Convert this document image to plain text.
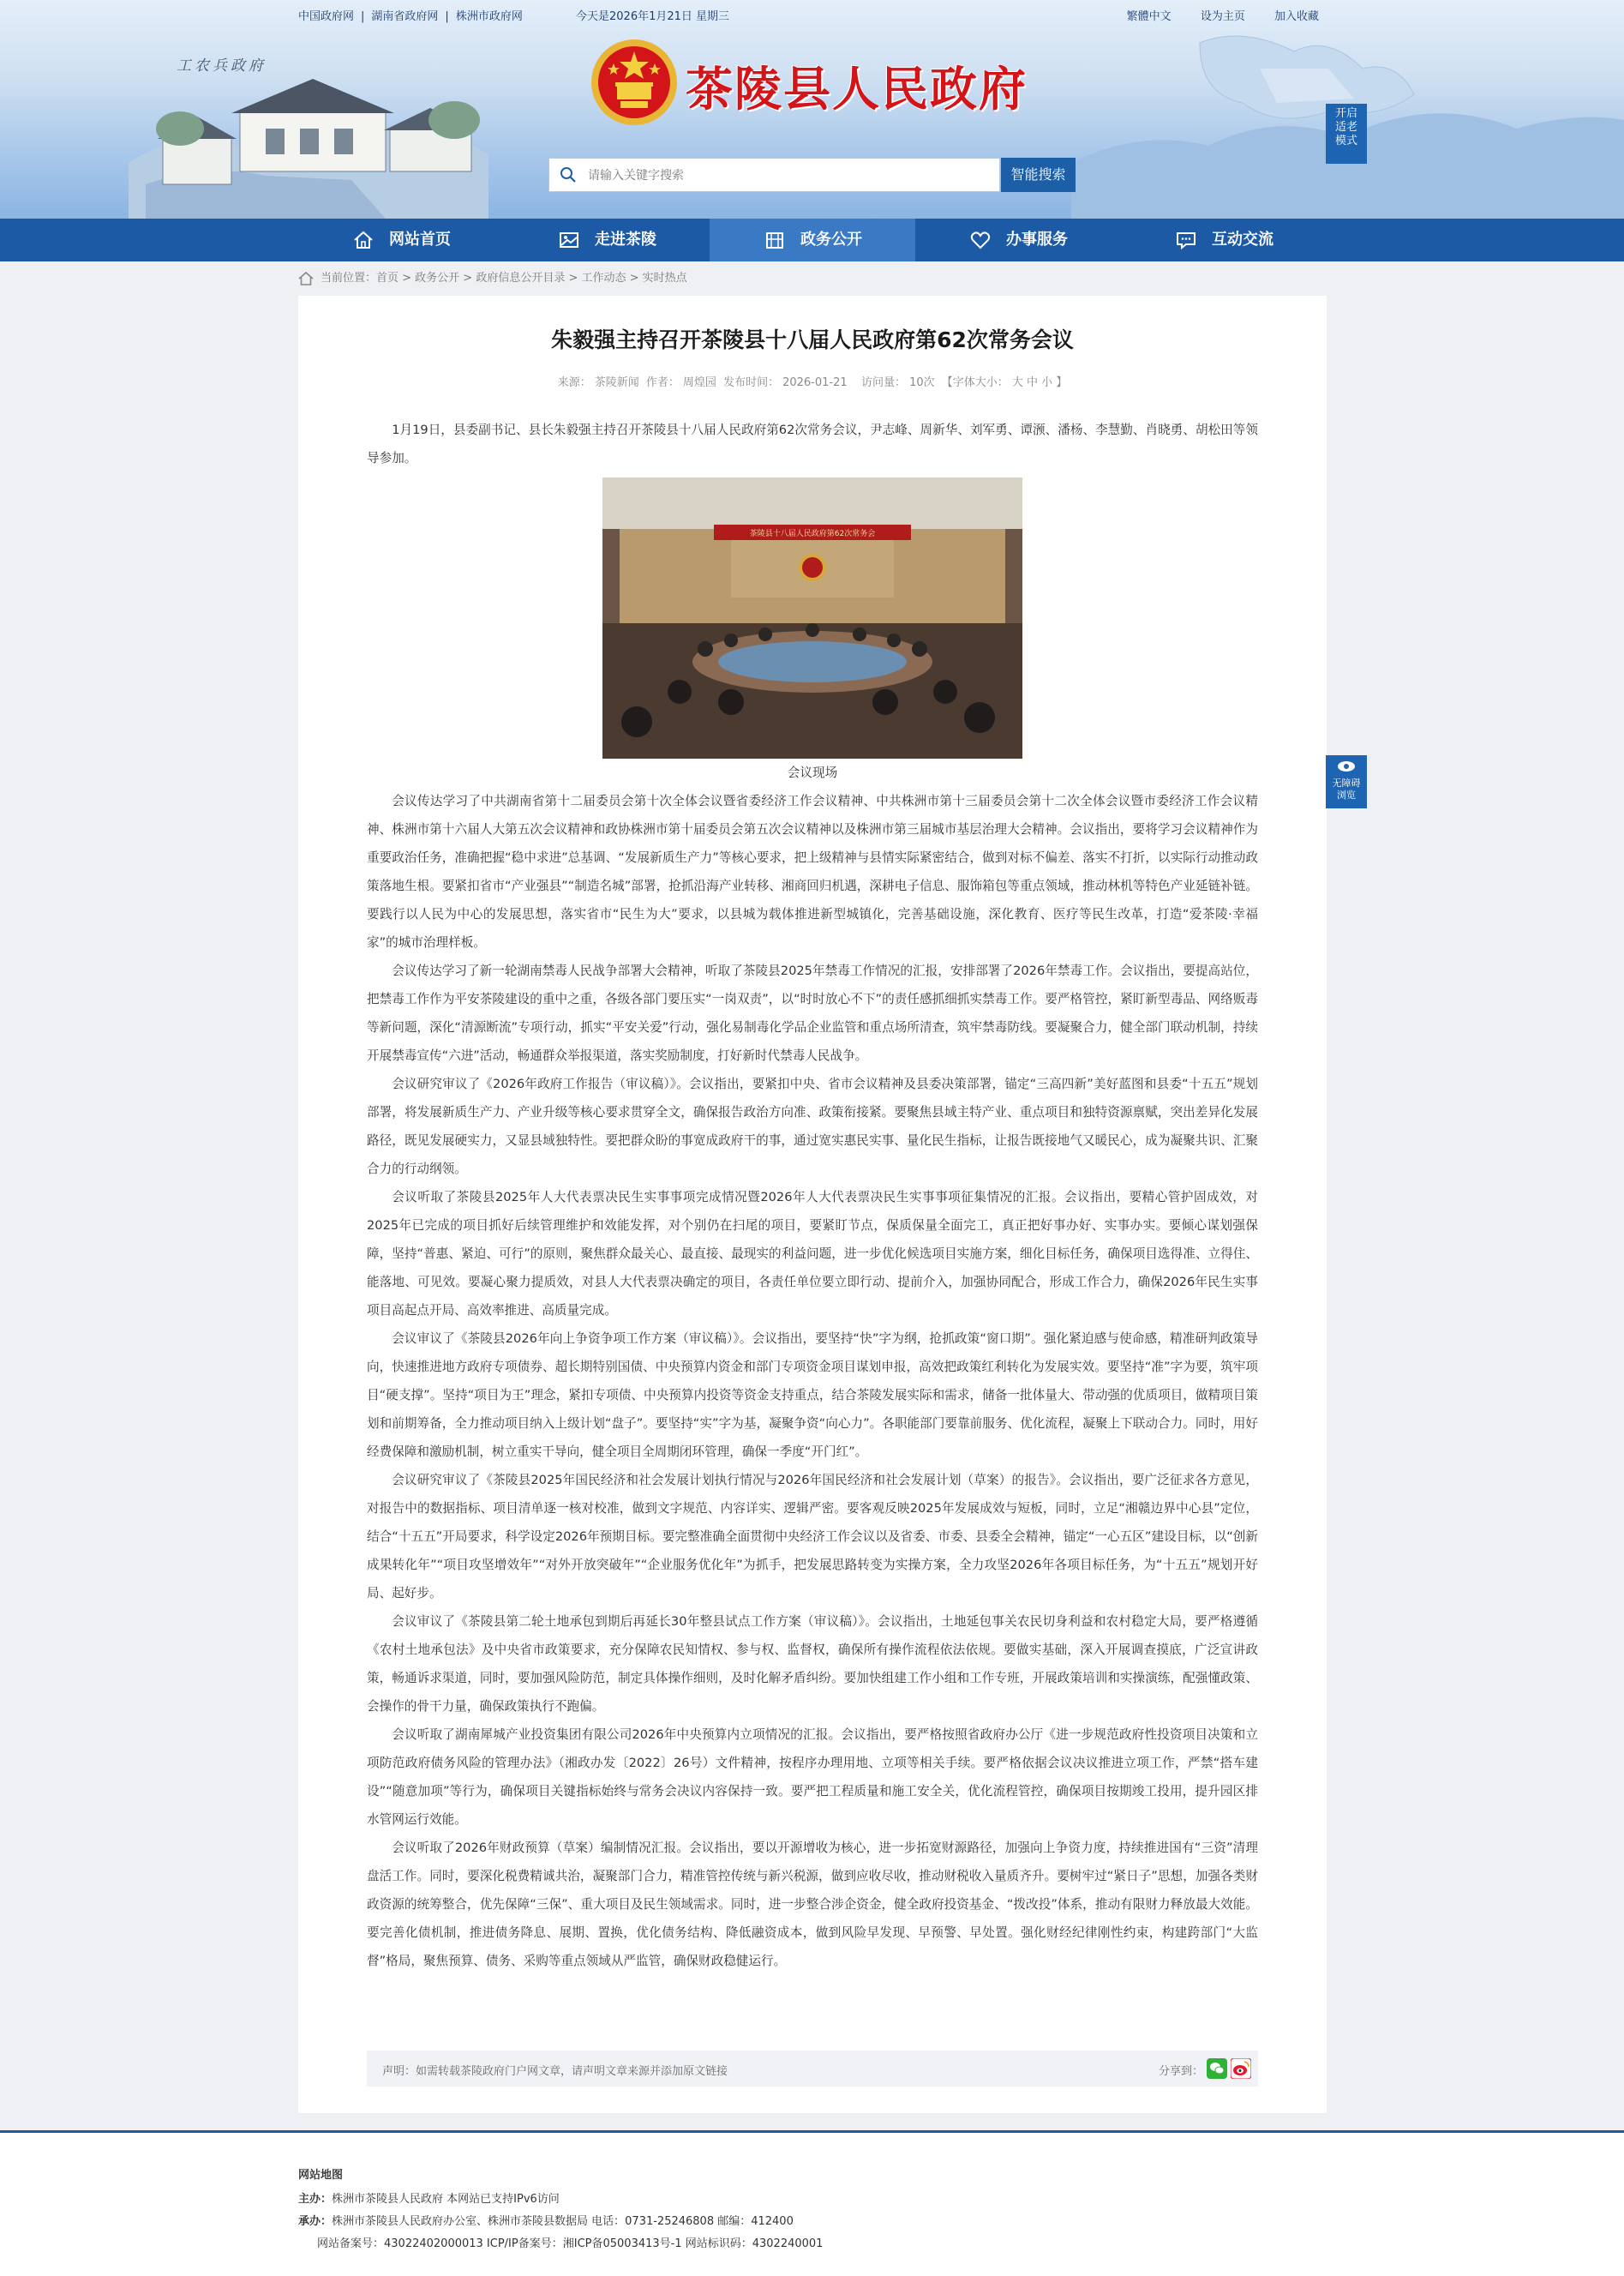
工农兵政府	茶陵县人民政府
中国政府网 | 湖南省政府网 | 株洲市政府网	今天是2026年1月21日 星期三	繁體中文	设为主页	加入收藏
请输入关键字搜索
智能搜索
开启适老模式
网站首页	走进茶陵	政务公开	办事服务	互动交流
当前位置：首页 > 政务公开 > 政府信息公开目录 > 工作动态 > 实时热点
朱毅强主持召开茶陵县十八届人民政府第62次常务会议
来源： 茶陵新闻 作者： 周煌园 发布时间： 2026-01-21 访问量： 10次 【字体大小： 大 中 小 】

1月19日，县委副书记、县长朱毅强主持召开茶陵县十八届人民政府第62次常务会议，尹志峰、周新华、刘军勇、谭滪、潘杨、李慧勤、肖晓勇、胡松田等领导参加。

茶陵县十八届人民政府第62次常务会

会议现场

会议传达学习了中共湖南省第十二届委员会第十次全体会议暨省委经济工作会议精神、中共株洲市第十三届委员会第十二次全体会议暨市委经济工作会议精神、株洲市第十六届人大第五次会议精神和政协株洲市第十届委员会第五次会议精神以及株洲市第三届城市基层治理大会精神。会议指出，要将学习会议精神作为重要政治任务，准确把握“稳中求进”总基调、“发展新质生产力”等核心要求，把上级精神与县情实际紧密结合，做到对标不偏差、落实不打折，以实际行动推动政策落地生根。要紧扣省市“产业强县”“制造名城”部署，抢抓沿海产业转移、湘商回归机遇，深耕电子信息、服饰箱包等重点领域，推动林机等特色产业延链补链。要践行以人民为中心的发展思想，落实省市“民生为大”要求，以县城为载体推进新型城镇化，完善基础设施，深化教育、医疗等民生改革，打造“爱茶陵·幸福家”的城市治理样板。

会议传达学习了新一轮湖南禁毒人民战争部署大会精神，听取了茶陵县2025年禁毒工作情况的汇报，安排部署了2026年禁毒工作。会议指出，要提高站位，把禁毒工作作为平安茶陵建设的重中之重，各级各部门要压实“一岗双责”，以“时时放心不下”的责任感抓细抓实禁毒工作。要严格管控，紧盯新型毒品、网络贩毒等新问题，深化“清源断流”专项行动，抓实“平安关爱”行动，强化易制毒化学品企业监管和重点场所清查，筑牢禁毒防线。要凝聚合力，健全部门联动机制，持续开展禁毒宣传“六进”活动，畅通群众举报渠道，落实奖励制度，打好新时代禁毒人民战争。

会议研究审议了《2026年政府工作报告（审议稿）》。会议指出，要紧扣中央、省市会议精神及县委决策部署，锚定“三高四新”美好蓝图和县委“十五五”规划部署，将发展新质生产力、产业升级等核心要求贯穿全文，确保报告政治方向准、政策衔接紧。要聚焦县域主特产业、重点项目和独特资源禀赋，突出差异化发展路径，既见发展硬实力，又显县域独特性。要把群众盼的事宽成政府干的事，通过宽实惠民实事、量化民生指标，让报告既接地气又暖民心，成为凝聚共识、汇聚合力的行动纲领。

会议听取了茶陵县2025年人大代表票决民生实事事项完成情况暨2026年人大代表票决民生实事事项征集情况的汇报。会议指出，要精心管护固成效，对2025年已完成的项目抓好后续管理维护和效能发挥，对个别仍在扫尾的项目，要紧盯节点，保质保量全面完工，真正把好事办好、实事办实。要倾心谋划强保障，坚持“普惠、紧迫、可行”的原则，聚焦群众最关心、最直接、最现实的利益问题，进一步优化候选项目实施方案，细化目标任务，确保项目选得准、立得住、能落地、可见效。要凝心聚力提质效，对县人大代表票决确定的项目，各责任单位要立即行动、提前介入，加强协同配合，形成工作合力，确保2026年民生实事项目高起点开局、高效率推进、高质量完成。

会议审议了《茶陵县2026年向上争资争项工作方案（审议稿）》。会议指出，要坚持“快”字为纲，抢抓政策“窗口期”。强化紧迫感与使命感，精准研判政策导向，快速推进地方政府专项债券、超长期特别国债、中央预算内资金和部门专项资金项目谋划申报，高效把政策红利转化为发展实效。要坚持“准”字为要，筑牢项目“硬支撑”。坚持“项目为王”理念，紧扣专项债、中央预算内投资等资金支持重点，结合茶陵发展实际和需求，储备一批体量大、带动强的优质项目，做精项目策划和前期筹备，全力推动项目纳入上级计划“盘子”。要坚持“实”字为基，凝聚争资“向心力”。各职能部门要靠前服务、优化流程，凝聚上下联动合力。同时，用好经费保障和激励机制，树立重实干导向，健全项目全周期闭环管理，确保一季度“开门红”。

会议研究审议了《茶陵县2025年国民经济和社会发展计划执行情况与2026年国民经济和社会发展计划（草案）的报告》。会议指出，要广泛征求各方意见，对报告中的数据指标、项目清单逐一核对校准，做到文字规范、内容详实、逻辑严密。要客观反映2025年发展成效与短板，同时，立足“湘赣边界中心县”定位，结合“十五五”开局要求，科学设定2026年预期目标。要完整准确全面贯彻中央经济工作会议以及省委、市委、县委全会精神，锚定“一心五区”建设目标，以“创新成果转化年”“项目攻坚增效年”“对外开放突破年”“企业服务优化年”为抓手，把发展思路转变为实操方案，全力攻坚2026年各项目标任务，为“十五五”规划开好局、起好步。

会议审议了《茶陵县第二轮土地承包到期后再延长30年整县试点工作方案（审议稿）》。会议指出，土地延包事关农民切身利益和农村稳定大局，要严格遵循《农村土地承包法》及中央省市政策要求，充分保障农民知情权、参与权、监督权，确保所有操作流程依法依规。要做实基础，深入开展调查摸底，广泛宣讲政策，畅通诉求渠道，同时，要加强风险防范，制定具体操作细则，及时化解矛盾纠纷。要加快组建工作小组和工作专班，开展政策培训和实操演练，配强懂政策、会操作的骨干力量，确保政策执行不跑偏。

会议听取了湖南犀城产业投资集团有限公司2026年中央预算内立项情况的汇报。会议指出，要严格按照省政府办公厅《进一步规范政府性投资项目决策和立项防范政府债务风险的管理办法》（湘政办发〔2022〕26号）文件精神，按程序办理用地、立项等相关手续。要严格依据会议决议推进立项工作，严禁“搭车建设”“随意加项”等行为，确保项目关键指标始终与常务会决议内容保持一致。要严把工程质量和施工安全关，优化流程管控，确保项目按期竣工投用，提升园区排水管网运行效能。

会议听取了2026年财政预算（草案）编制情况汇报。会议指出，要以开源增收为核心，进一步拓宽财源路径，加强向上争资力度，持续推进国有“三资”清理盘活工作。同时，要深化税费精诚共治，凝聚部门合力，精准管控传统与新兴税源，做到应收尽收，推动财税收入量质齐升。要树牢过“紧日子”思想，加强各类财政资源的统筹整合，优先保障“三保”、重大项目及民生领域需求。同时，进一步整合涉企资金，健全政府投资基金、“拨改投”体系，推动有限财力释放最大效能。要完善化债机制，推进债务降息、展期、置换，优化债务结构、降低融资成本，做到风险早发现、早预警、早处置。强化财经纪律刚性约束，构建跨部门“大监督”格局，聚焦预算、债务、采购等重点领域从严监管，确保财政稳健运行。

声明：如需转载茶陵政府门户网文章，请声明文章来源并添加原文链接	分享到：
无障碍浏览
网站地图
主办：株洲市茶陵县人民政府 本网站已支持IPv6访问
承办：株洲市茶陵县人民政府办公室、株洲市茶陵县数据局 电话：0731-25246808 邮编：412400
网站备案号：43022402000013 ICP/IP备案号：湘ICP备05003413号-1 网站标识码：4302240001
